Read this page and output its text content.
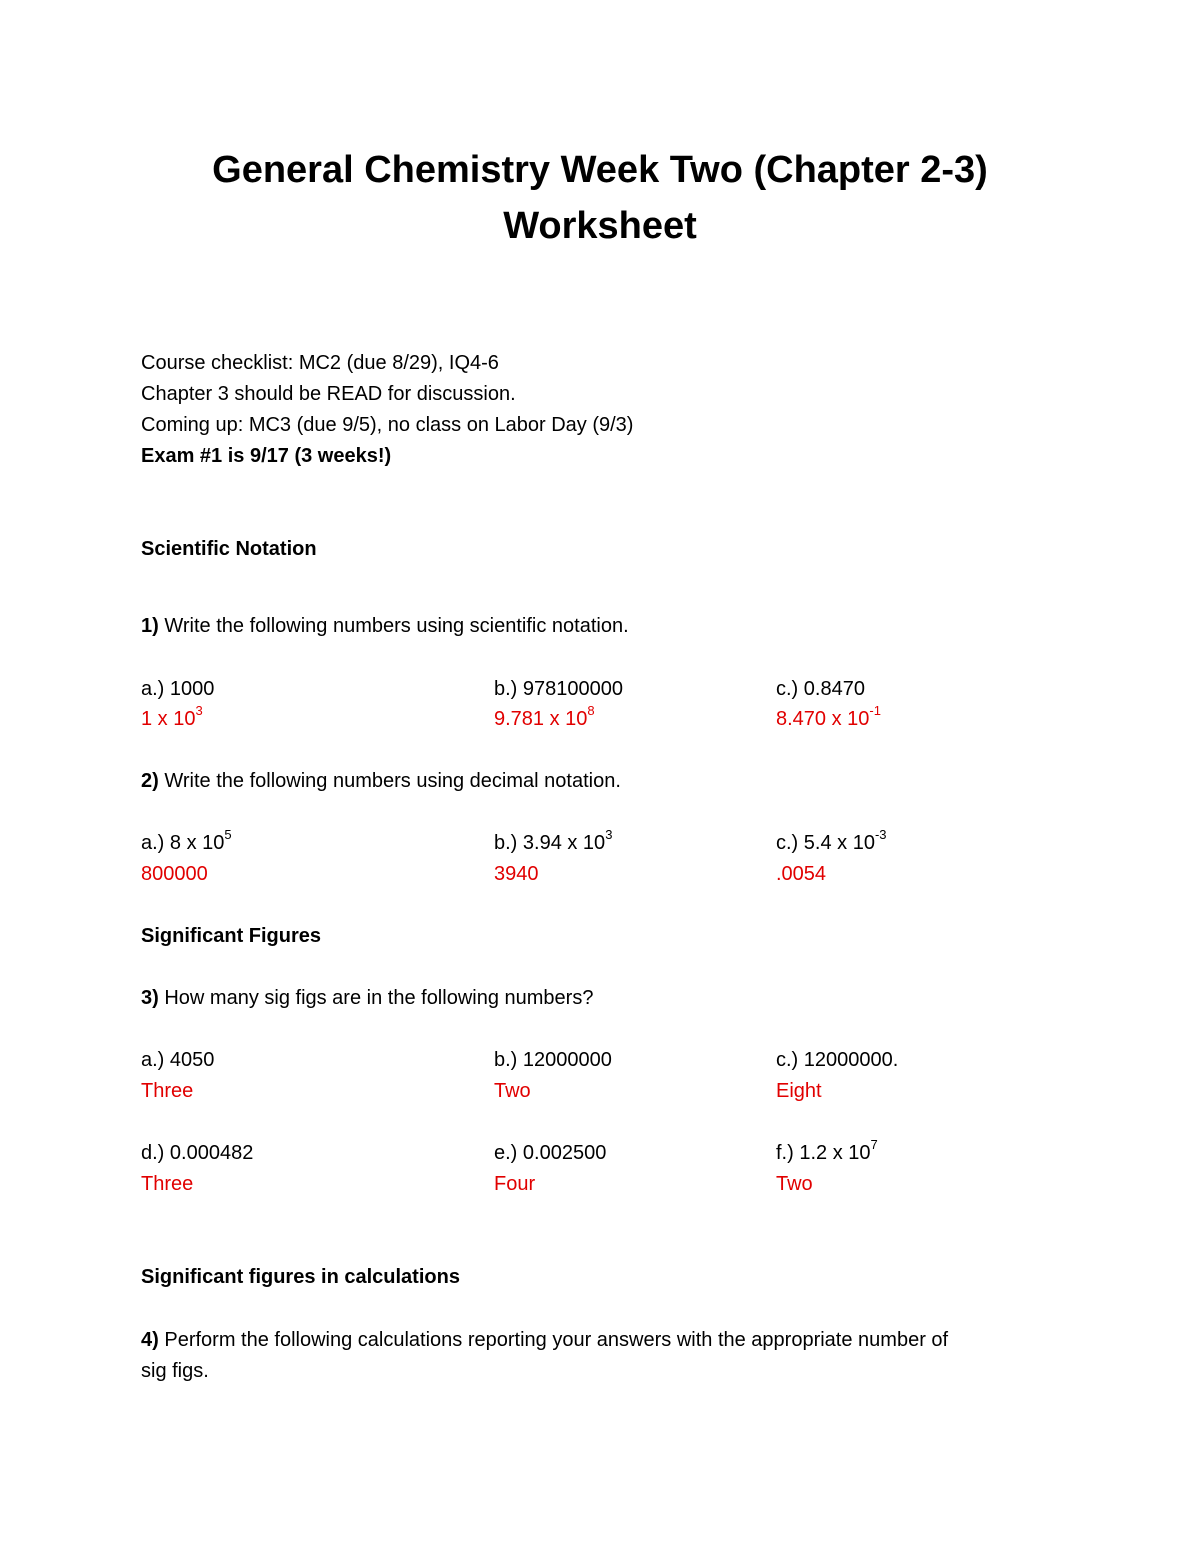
General Chemistry Week Two (Chapter 2-3)
Worksheet
Course checklist: MC2 (due 8/29), IQ4-6
Chapter 3 should be READ for discussion.
Coming up: MC3 (due 9/5), no class on Labor Day (9/3)
Exam #1 is 9/17 (3 weeks!)
Scientific Notation
1) Write the following numbers using scientific notation.
a.) 1000	b.) 978100000	c.) 0.8470
1 x $10^3$	9.781 x $10^8$	8.470 x $10^{-1}$
2) Write the following numbers using decimal notation.
a.) 8 x $10^5$	b.) 3.94 x $10^3$	c.) 5.4 x $10^{-3}$
800000	3940	.0054
Significant Figures
3) How many sig figs are in the following numbers?
a.) 4050	b.) 12000000	c.) 12000000.
Three	Two	Eight
d.) 0.000482	e.) 0.002500	f.) 1.2 x $10^7$
Three	Four	Two
Significant figures in calculations
4) Perform the following calculations reporting your answers with the appropriate number of
sig figs.
